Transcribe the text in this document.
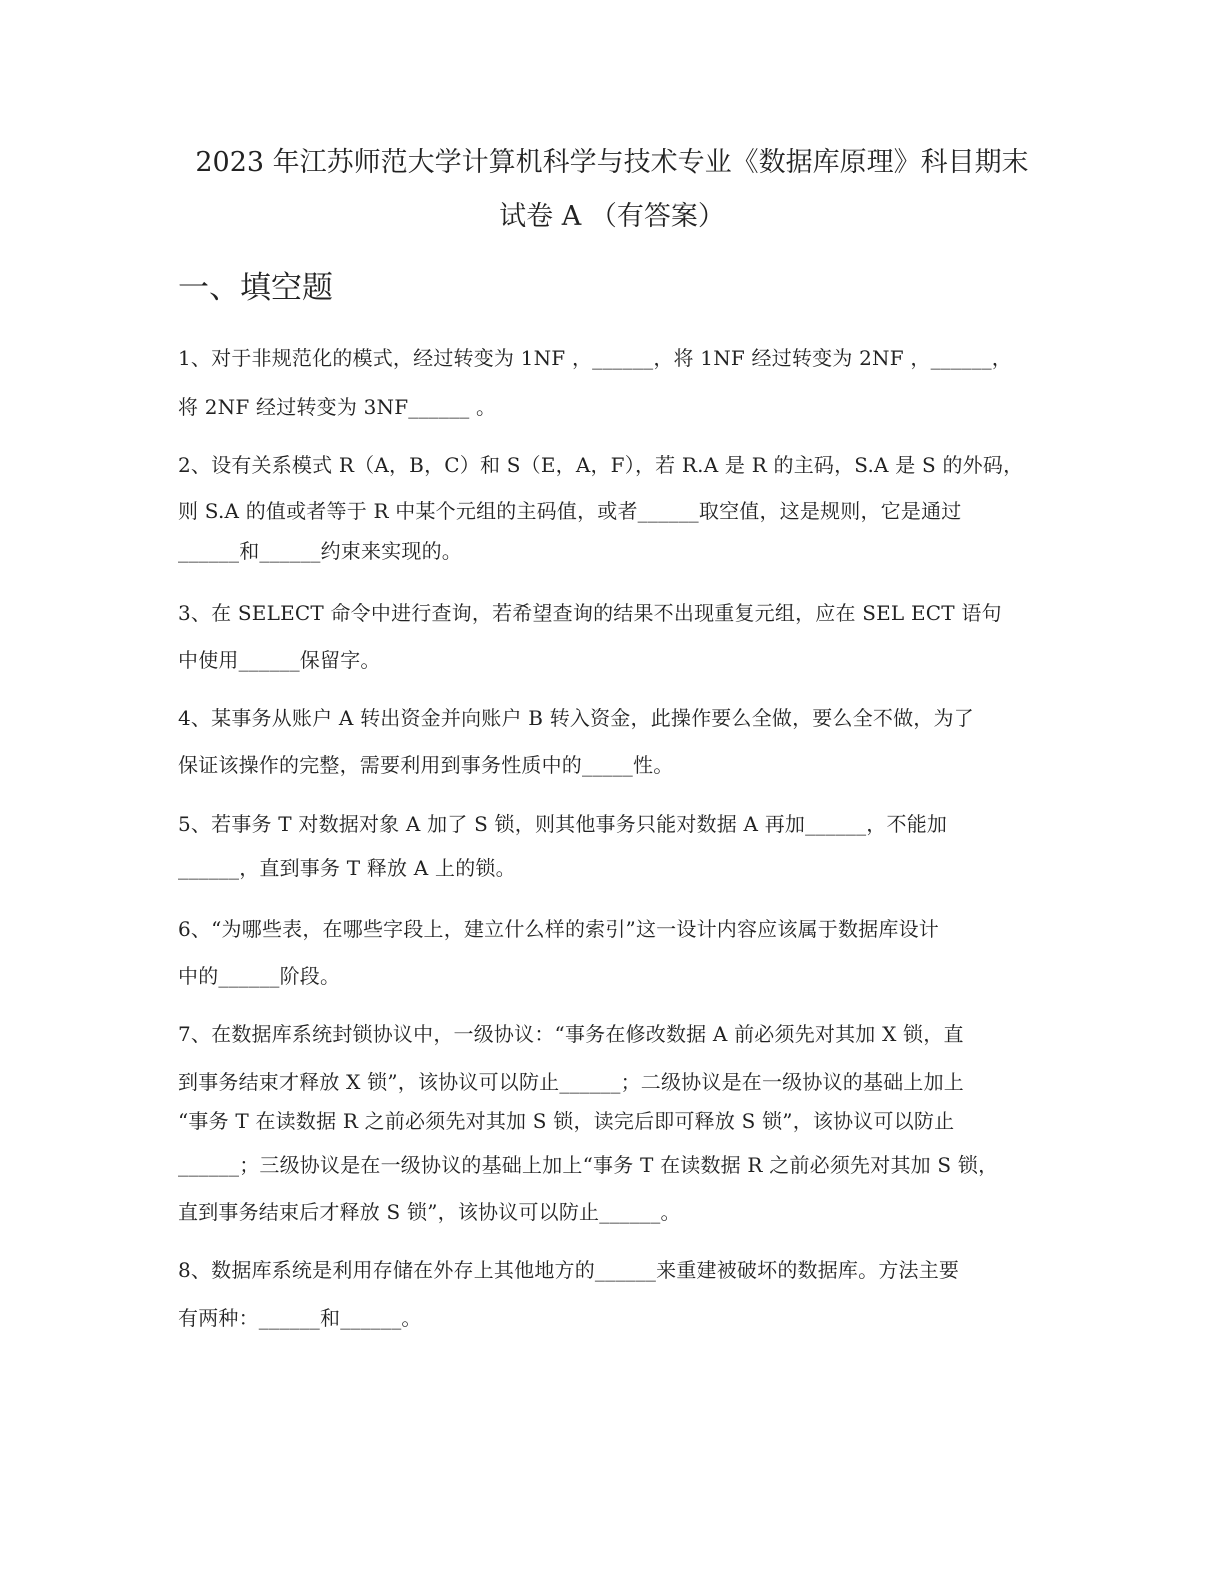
2023 年江苏师范大学计算机科学与技术专业《数据库原理》科目期末
试卷 A （有答案）
一、填空题
1、对于非规范化的模式，经过转变为 1NF ，______，将 1NF 经过转变为 2NF ，______，
将 2NF 经过转变为 3NF______ 。
2、设有关系模式 R（A，B，C）和 S（E，A，F），若 R.A 是 R 的主码，S.A 是 S 的外码，
则 S.A 的值或者等于 R 中某个元组的主码值，或者______取空值，这是规则，它是通过
______和______约束来实现的。
3、在 SELECT 命令中进行查询，若希望查询的结果不出现重复元组，应在 SEL ECT 语句
中使用______保留字。
4、某事务从账户 A 转出资金并向账户 B 转入资金，此操作要么全做，要么全不做，为了
保证该操作的完整，需要利用到事务性质中的_____性。
5、若事务 T 对数据对象 A 加了 S 锁，则其他事务只能对数据 A 再加______，不能加
______，直到事务 T 释放 A 上的锁。
6、“为哪些表，在哪些字段上，建立什么样的索引”这一设计内容应该属于数据库设计
中的______阶段。
7、在数据库系统封锁协议中，一级协议：“事务在修改数据 A 前必须先对其加 X 锁，直
到事务结束才释放 X 锁”，该协议可以防止______；二级协议是在一级协议的基础上加上
“事务 T 在读数据 R 之前必须先对其加 S 锁，读完后即可释放 S 锁”，该协议可以防止
______；三级协议是在一级协议的基础上加上“事务 T 在读数据 R 之前必须先对其加 S 锁，
直到事务结束后才释放 S 锁”，该协议可以防止______。
8、数据库系统是利用存储在外存上其他地方的______来重建被破坏的数据库。方法主要
有两种：______和______。
